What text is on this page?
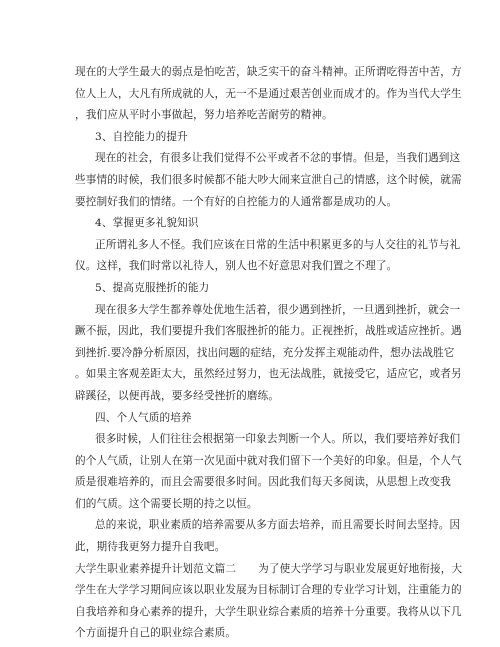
现在的大学生最大的弱点是怕吃苦，缺乏实干的奋斗精神。正所谓吃得苦中苦，方
位人上人，大凡有所成就的人，无一不是通过艰苦创业而成才的。作为当代大学生
，我们应从平时小事做起，努力培养吃苦耐劳的精神。
3、自控能力的提升
现在的社会，有很多让我们觉得不公平或者不忿的事情。但是，当我们遇到这
些事情的时候，我们很多时候都不能大吵大闹来宣泄自己的情感，这个时候，就需
要控制好我们的情绪。一个有好的自控能力的人通常都是成功的人。
4、掌握更多礼貌知识
正所谓礼多人不怪。我们应该在日常的生活中积累更多的与人交往的礼节与礼
仪。这样，我们时常以礼待人，别人也不好意思对我们置之不理了。
5、提高克服挫折的能力
现在很多大学生都养尊处优地生活着，很少遇到挫折，一旦遇到挫折，就会一
蹶不振，因此，我们要提升我们客服挫折的能力。正视挫折，战胜或适应挫折。遇
到挫折.要冷静分析原因，找出问题的症结，充分发挥主观能动件，想办法战胜它
。如果主客观差距太大，虽然经过努力，也无法战胜，就接受它，适应它，或者另
辟蹊径，以便再战，要多经受挫折的磨练。
四、个人气质的培养
很多时候，人们往往会根据第一印象去判断一个人。所以，我们要培养好我们
的个人气质，让别人在第一次见面中就对我们留下一个美好的印象。但是，个人气
质是很难培养的，而且会需要很多时间。因此我们每天多阅读，从思想上改变我
们的气质。这个需要长期的持之以恒。
总的来说，职业素质的培养需要从多方面去培养，而且需要长时间去坚持。因
此，期待我更努力提升自我吧。
大学生职业素养提升计划范文篇二 为了使大学学习与职业发展更好地衔接，大
学生在大学学习期间应该以职业发展为目标制订合理的专业学习计划，注重能力的
自我培养和身心素养的提升，大学生职业综合素质的培养十分重要。我将从以下几
个方面提升自己的职业综合素质。
